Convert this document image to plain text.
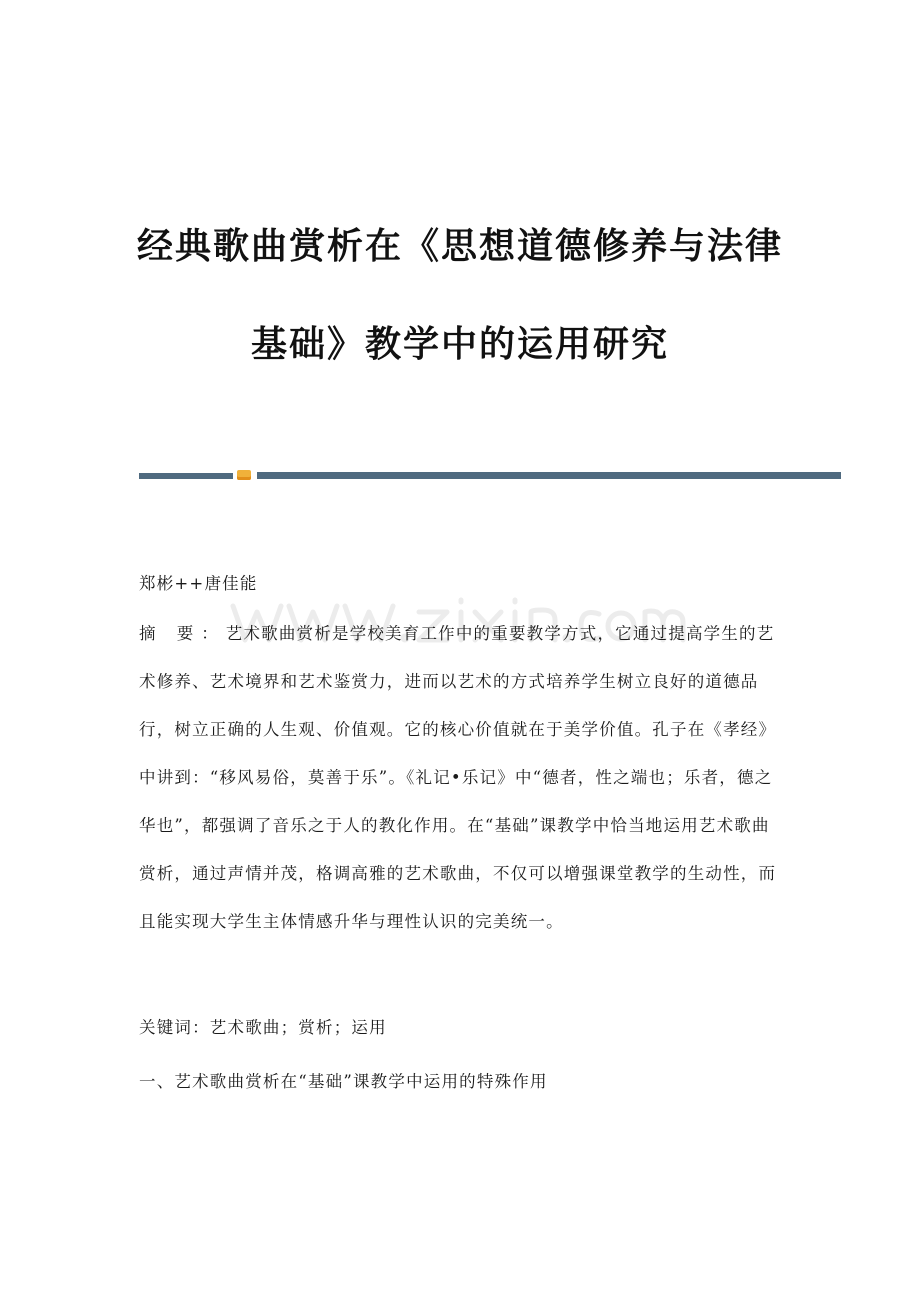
经典歌曲赏析在《思想道德修养与法律
基础》教学中的运用研究
郑彬++唐佳能
摘 要：艺术歌曲赏析是学校美育工作中的重要教学方式，它通过提高学生的艺术修养、艺术境界和艺术鉴赏力，进而以艺术的方式培养学生树立良好的道德品行，树立正确的人生观、价值观。它的核心价值就在于美学价值。孔子在《孝经》中讲到：“移风易俗，莫善于乐”。《礼记•乐记》中“德者，性之端也；乐者，德之华也”，都强调了音乐之于人的教化作用。在“基础”课教学中恰当地运用艺术歌曲赏析，通过声情并茂，格调高雅的艺术歌曲，不仅可以增强课堂教学的生动性，而且能实现大学生主体情感升华与理性认识的完美统一。
关键词：艺术歌曲；赏析；运用
一、艺术歌曲赏析在“基础”课教学中运用的特殊作用
